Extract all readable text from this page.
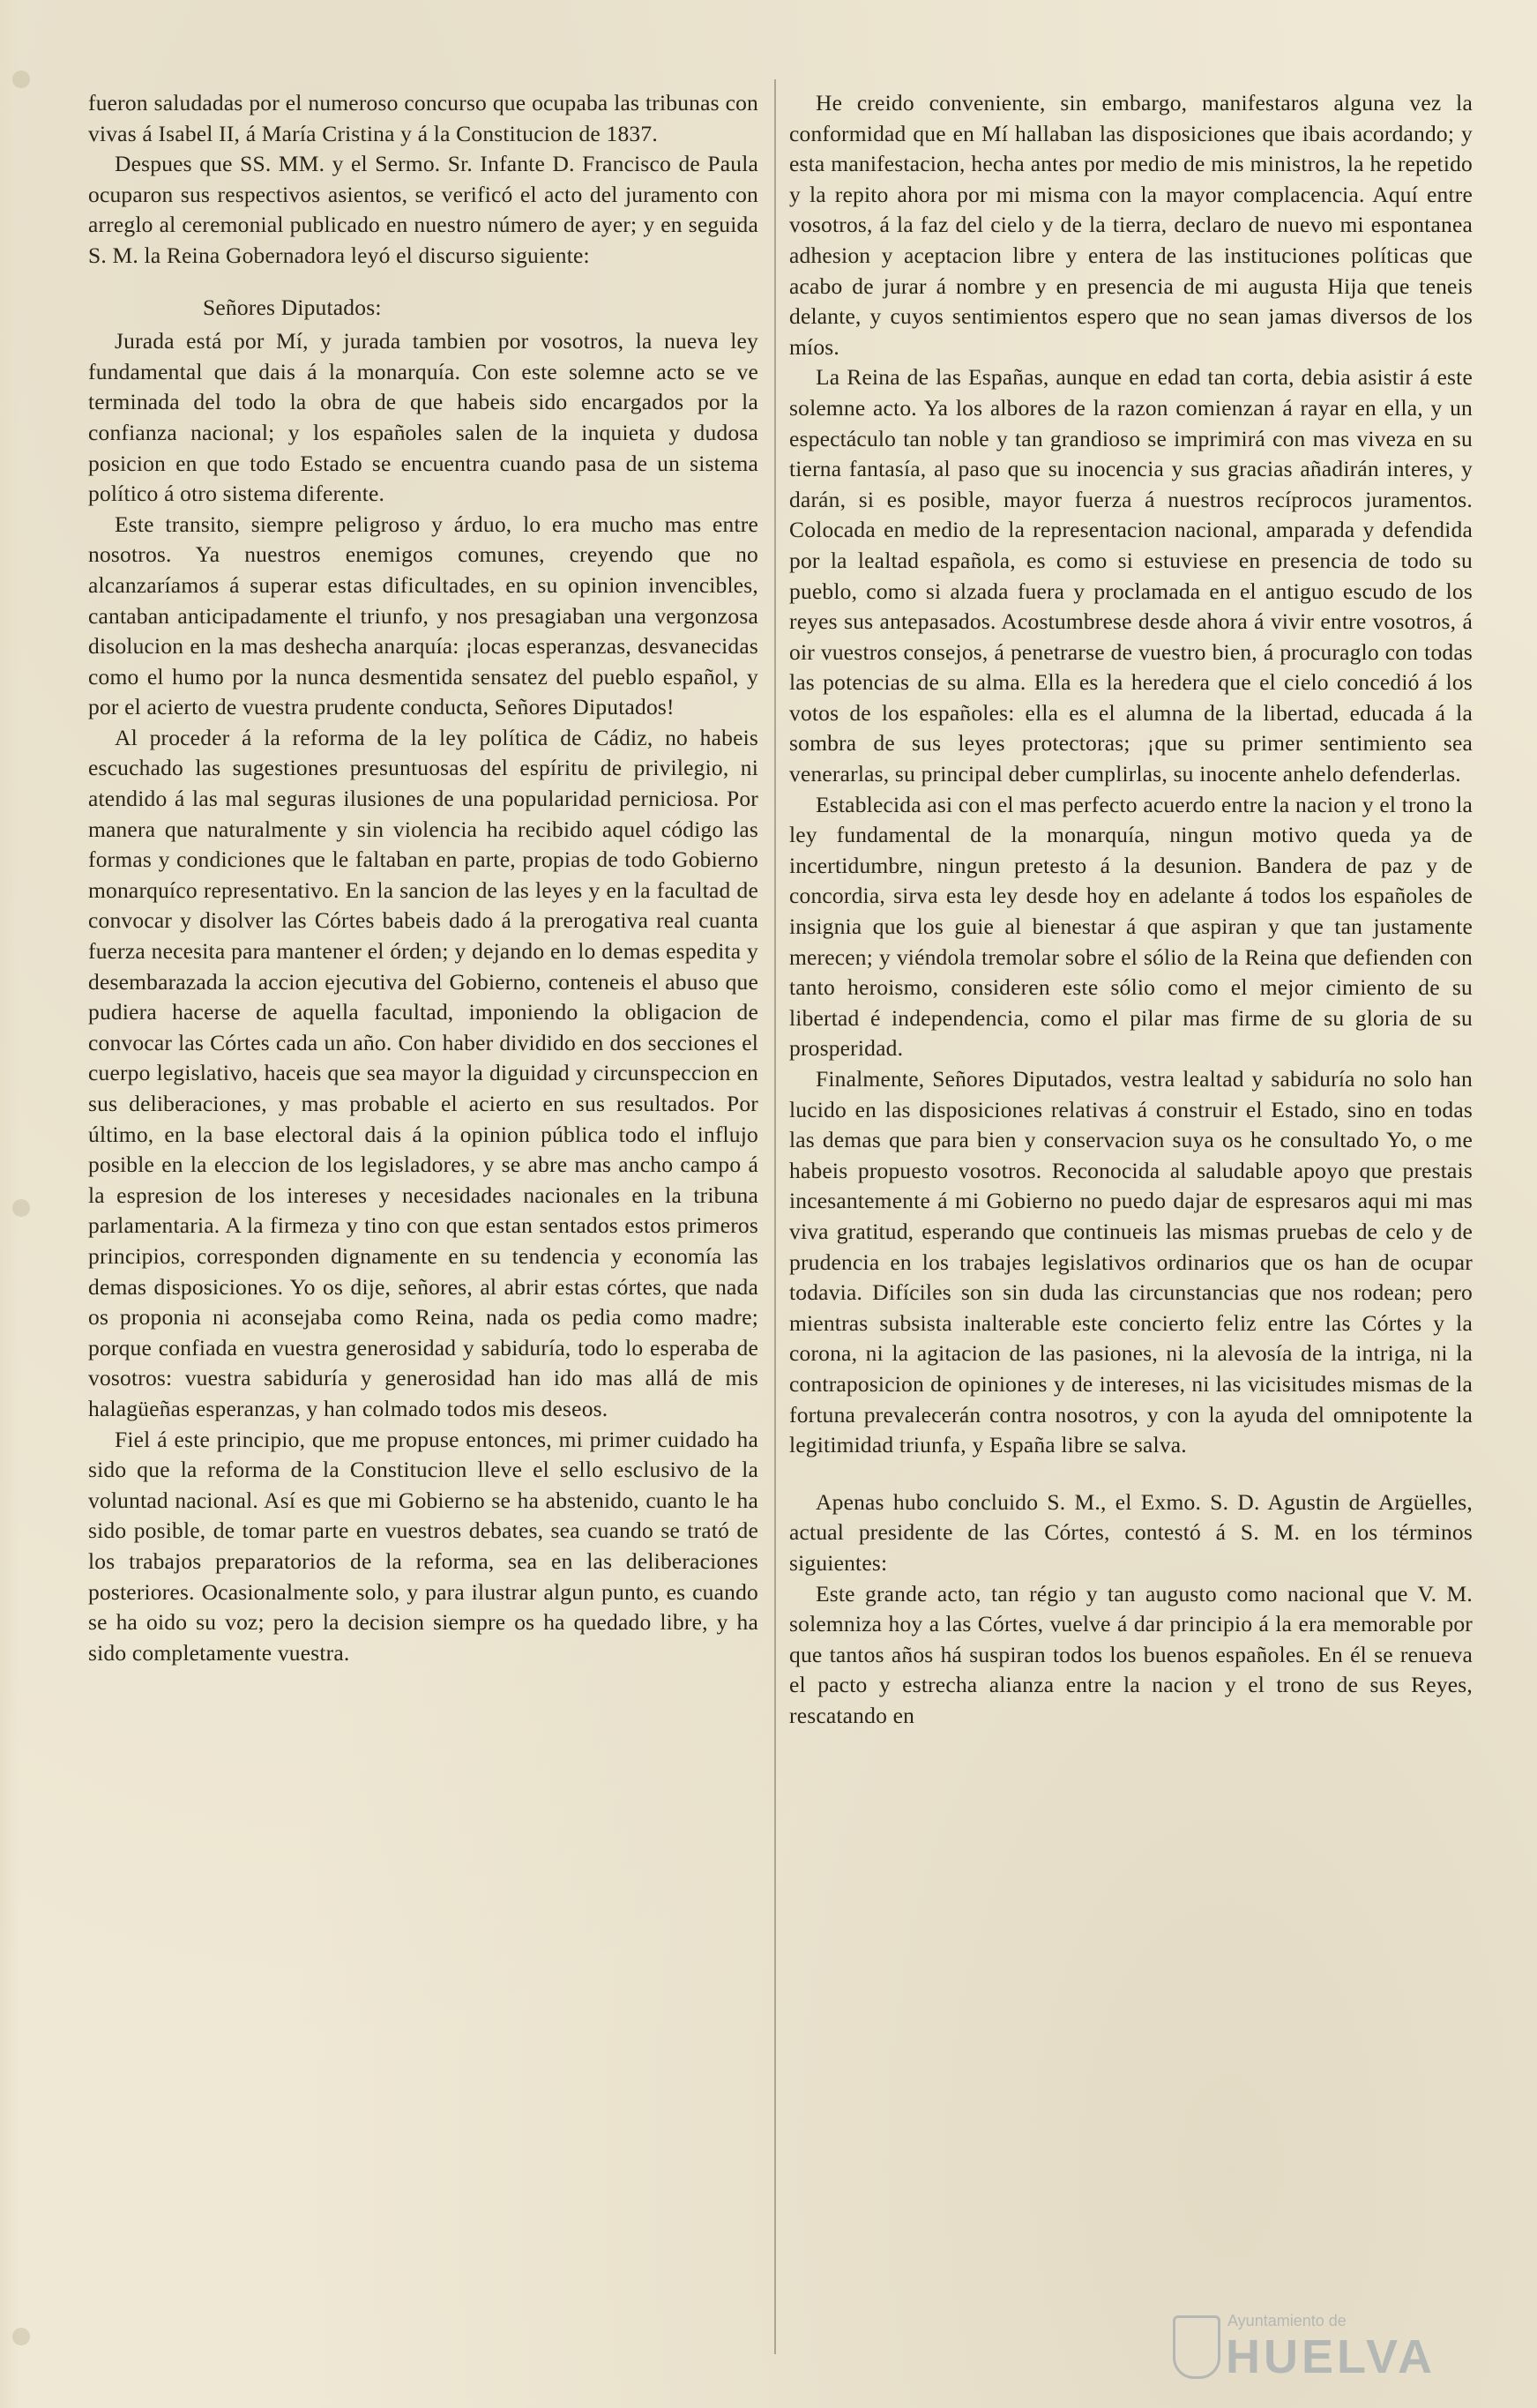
fueron saludadas por el numeroso concurso que ocupaba las tribunas con vivas á Isabel II, á María Cristina y á la Constitucion de 1837.

Despues que SS. MM. y el Sermo. Sr. Infante D. Francisco de Paula ocuparon sus respectivos asientos, se verificó el acto del juramento con arreglo al ceremonial publicado en nuestro número de ayer; y en seguida S. M. la Reina Gobernadora leyó el discurso siguiente:

Señores Diputados:

Jurada está por Mí, y jurada tambien por vosotros, la nueva ley fundamental que dais á la monarquía. Con este solemne acto se ve terminada del todo la obra de que habeis sido encargados por la confianza nacional; y los españoles salen de la inquieta y dudosa posicion en que todo Estado se encuentra cuando pasa de un sistema político á otro sistema diferente.

Este transito, siempre peligroso y árduo, lo era mucho mas entre nosotros. Ya nuestros enemigos comunes, creyendo que no alcanzaríamos á superar estas dificultades, en su opinion invencibles, cantaban anticipadamente el triunfo, y nos presagiaban una vergonzosa disolucion en la mas deshecha anarquía: ¡locas esperanzas, desvanecidas como el humo por la nunca desmentida sensatez del pueblo español, y por el acierto de vuestra prudente conducta, Señores Diputados!

Al proceder á la reforma de la ley política de Cádiz, no habeis escuchado las sugestiones presuntuosas del espíritu de privilegio, ni atendido á las mal seguras ilusiones de una popularidad perniciosa. Por manera que naturalmente y sin violencia ha recibido aquel código las formas y condiciones que le faltaban en parte, propias de todo Gobierno monarquíco representativo. En la sancion de las leyes y en la facultad de convocar y disolver las Córtes babeis dado á la prerogativa real cuanta fuerza necesita para mantener el órden; y dejando en lo demas espedita y desembarazada la accion ejecutiva del Gobierno, conteneis el abuso que pudiera hacerse de aquella facultad, imponiendo la obligacion de convocar las Córtes cada un año. Con haber dividido en dos secciones el cuerpo legislativo, haceis que sea mayor la diguidad y circunspeccion en sus deliberaciones, y mas probable el acierto en sus resultados. Por último, en la base electoral dais á la opinion pública todo el influjo posible en la eleccion de los legisladores, y se abre mas ancho campo á la espresion de los intereses y necesidades nacionales en la tribuna parlamentaria. A la firmeza y tino con que estan sentados estos primeros principios, corresponden dignamente en su tendencia y economía las demas disposiciones. Yo os dije, señores, al abrir estas córtes, que nada os proponia ni aconsejaba como Reina, nada os pedia como madre; porque confiada en vuestra generosidad y sabiduría, todo lo esperaba de vosotros: vuestra sabiduría y generosidad han ido mas allá de mis halagüeñas esperanzas, y han colmado todos mis deseos.

Fiel á este principio, que me propuse entonces, mi primer cuidado ha sido que la reforma de la Constitucion lleve el sello esclusivo de la voluntad nacional. Así es que mi Gobierno se ha abstenido, cuanto le ha sido posible, de tomar parte en vuestros debates, sea cuando se trató de los trabajos preparatorios de la reforma, sea en las deliberaciones posteriores. Ocasionalmente solo, y para ilustrar algun punto, es cuando se ha oido su voz; pero la decision siempre os ha quedado libre, y ha sido completamente vuestra.

He creido conveniente, sin embargo, manifestaros alguna vez la conformidad que en Mí hallaban las disposiciones que ibais acordando; y esta manifestacion, hecha antes por medio de mis ministros, la he repetido y la repito ahora por mi misma con la mayor complacencia. Aquí entre vosotros, á la faz del cielo y de la tierra, declaro de nuevo mi espontanea adhesion y aceptacion libre y entera de las instituciones políticas que acabo de jurar á nombre y en presencia de mi augusta Hija que teneis delante, y cuyos sentimientos espero que no sean jamas diversos de los míos.

La Reina de las Españas, aunque en edad tan corta, debia asistir á este solemne acto. Ya los albores de la razon comienzan á rayar en ella, y un espectáculo tan noble y tan grandioso se imprimirá con mas viveza en su tierna fantasía, al paso que su inocencia y sus gracias añadirán interes, y darán, si es posible, mayor fuerza á nuestros recíprocos juramentos. Colocada en medio de la representacion nacional, amparada y defendida por la lealtad española, es como si estuviese en presencia de todo su pueblo, como si alzada fuera y proclamada en el antiguo escudo de los reyes sus antepasados. Acostumbrese desde ahora á vivir entre vosotros, á oir vuestros consejos, á penetrarse de vuestro bien, á procuraglo con todas las potencias de su alma. Ella es la heredera que el cielo concedió á los votos de los españoles: ella es el alumna de la libertad, educada á la sombra de sus leyes protectoras; ¡que su primer sentimiento sea venerarlas, su principal deber cumplirlas, su inocente anhelo defenderlas.

Establecida asi con el mas perfecto acuerdo entre la nacion y el trono la ley fundamental de la monarquía, ningun motivo queda ya de incertidumbre, ningun pretesto á la desunion. Bandera de paz y de concordia, sirva esta ley desde hoy en adelante á todos los españoles de insignia que los guie al bienestar á que aspiran y que tan justamente merecen; y viéndola tremolar sobre el sólio de la Reina que defienden con tanto heroismo, consideren este sólio como el mejor cimiento de su libertad é independencia, como el pilar mas firme de su gloria de su prosperidad.

Finalmente, Señores Diputados, vestra lealtad y sabiduría no solo han lucido en las disposiciones relativas á construir el Estado, sino en todas las demas que para bien y conservacion suya os he consultado Yo, o me habeis propuesto vosotros. Reconocida al saludable apoyo que prestais incesantemente á mi Gobierno no puedo dajar de espresaros aqui mi mas viva gratitud, esperando que continueis las mismas pruebas de celo y de prudencia en los trabajes legislativos ordinarios que os han de ocupar todavia. Difíciles son sin duda las circunstancias que nos rodean; pero mientras subsista inalterable este concierto feliz entre las Córtes y la corona, ni la agitacion de las pasiones, ni la alevosía de la intriga, ni la contraposicion de opiniones y de intereses, ni las vicisitudes mismas de la fortuna prevalecerán contra nosotros, y con la ayuda del omnipotente la legitimidad triunfa, y España libre se salva.

Apenas hubo concluido S. M., el Exmo. S. D. Agustin de Argüelles, actual presidente de las Córtes, contestó á S. M. en los términos siguientes:

Este grande acto, tan régio y tan augusto como nacional que V. M. solemniza hoy a las Córtes, vuelve á dar principio á la era memorable por que tantos años há suspiran todos los buenos españoles. En él se renueva el pacto y estrecha alianza entre la nacion y el trono de sus Reyes, rescatando en

Ayuntamiento de
HUELVA
